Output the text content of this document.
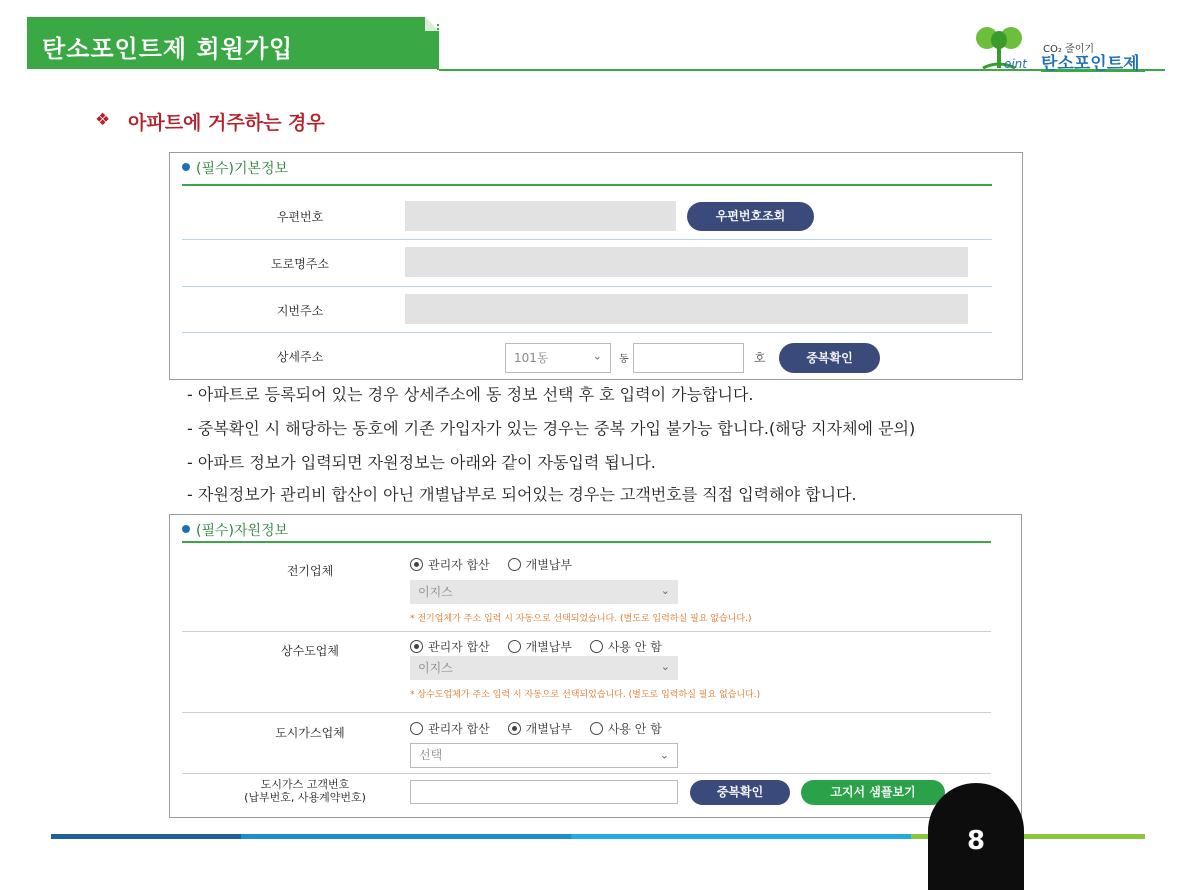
탄소포인트제 회원가입
oint
CO₂ 줄이기
탄소포인트제
❖ 아파트에 거주하는 경우
(필수)기본정보
우편번호	우편번호조회
도로명주소
지번주소
상세주소	101동	⌄ 동	호	중복확인
- 아파트로 등록되어 있는 경우 상세주소에 동 정보 선택 후 호 입력이 가능합니다.
- 중복확인 시 해당하는 동호에 기존 가입자가 있는 경우는 중복 가입 불가능 합니다.(해당 지자체에 문의)
- 아파트 정보가 입력되면 자원정보는 아래와 같이 자동입력 됩니다.
- 자원정보가 관리비 합산이 아닌 개별납부로 되어있는 경우는 고객번호를 직접 입력해야 합니다.
(필수)자원정보
전기업체	관리자 합산	개별납부
이지스	⌄
* 전기업체가 주소 입력 시 자동으로 선택되었습니다. (별도로 입력하실 필요 없습니다.)
상수도업체	관리자 합산	개별납부	사용 안 함
이지스	⌄
* 상수도업체가 주소 입력 시 자동으로 선택되었습니다. (별도로 입력하실 필요 없습니다.)
도시가스업체	관리자 합산	개별납부	사용 안 함
선택	⌄
도시가스 고객번호
(납부번호, 사용계약번호)	중복확인	고지서 샘플보기
8
